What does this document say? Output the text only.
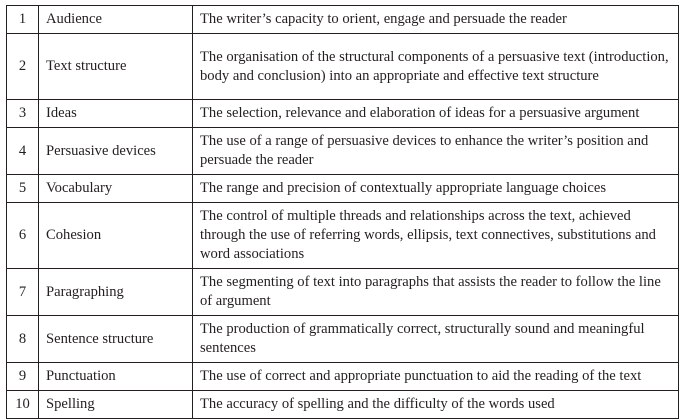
1	Audience	The writer’s capacity to orient, engage and persuade the reader
2	Text structure	The organisation of the structural components of a persuasive text (introduction, body and conclusion) into an appropriate and effective text structure
3	Ideas	The selection, relevance and elaboration of ideas for a persuasive argument
4	Persuasive devices	The use of a range of persuasive devices to enhance the writer’s position and persuade the reader
5	Vocabulary	The range and precision of contextually appropriate language choices
6	Cohesion	The control of multiple threads and relationships across the text, achieved through the use of referring words, ellipsis, text connectives, substitutions and word associations
7	Paragraphing	The segmenting of text into paragraphs that assists the reader to follow the line of argument
8	Sentence structure	The production of grammatically correct, structurally sound and meaningful sentences
9	Punctuation	The use of correct and appropriate punctuation to aid the reading of the text
10	Spelling	The accuracy of spelling and the difficulty of the words used
